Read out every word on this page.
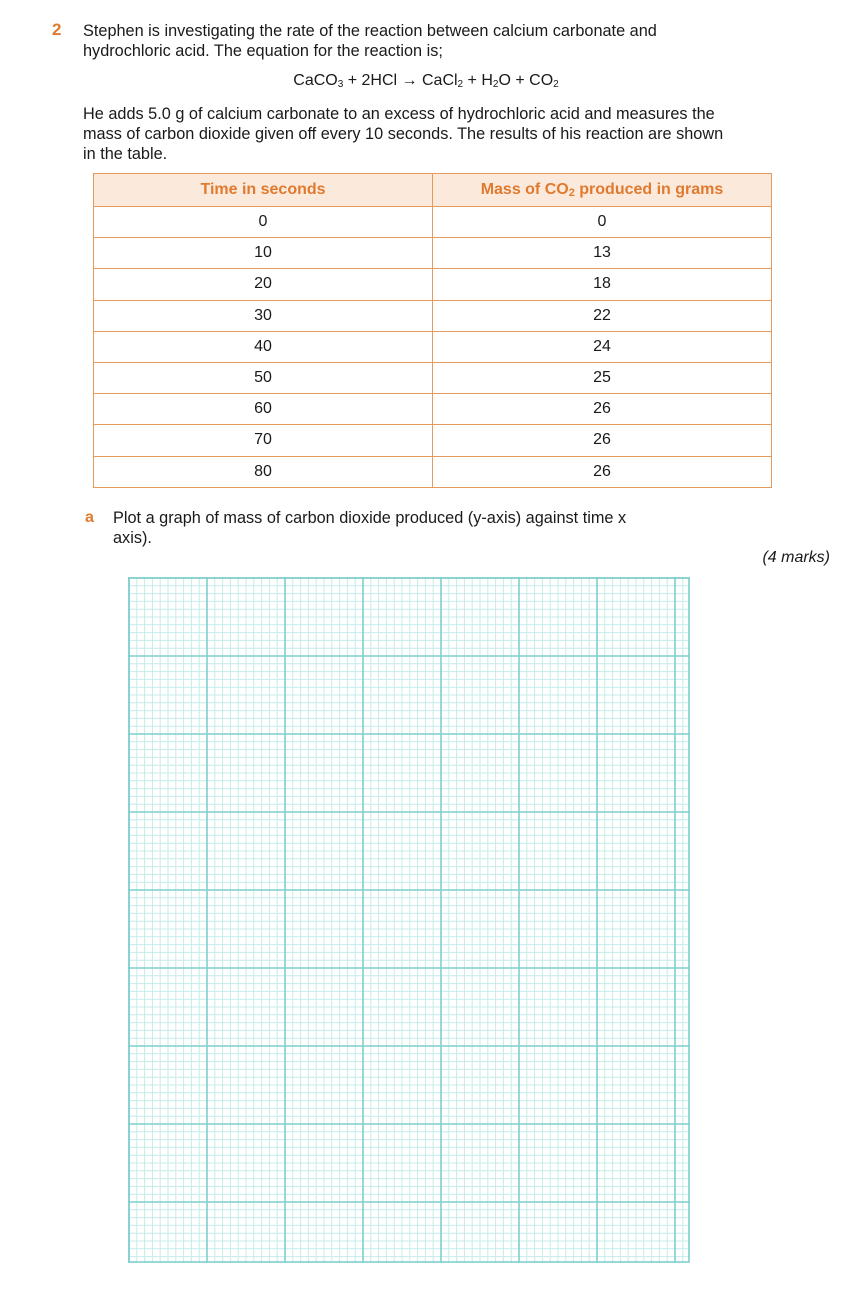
2 Stephen is investigating the rate of the reaction between calcium carbonate and
hydrochloric acid. The equation for the reaction is;
CaCO$_3$ + 2HCl → CaCl$_2$ + $H_2O + CO_2$
He adds 5.0 g of calcium carbonate to an excess of hydrochloric acid and measures the
mass of carbon dioxide given off every 10 seconds. The results of his reaction are shown
in the table.
Time in seconds	Mass of $CO_2$ produced in grams
0	0
10	13
20	18
30	22
40	24
50	25
60	26
70	26
80	26
a Plot a graph of mass of carbon dioxide produced (y-axis) against time x
axis).
(4 marks)
